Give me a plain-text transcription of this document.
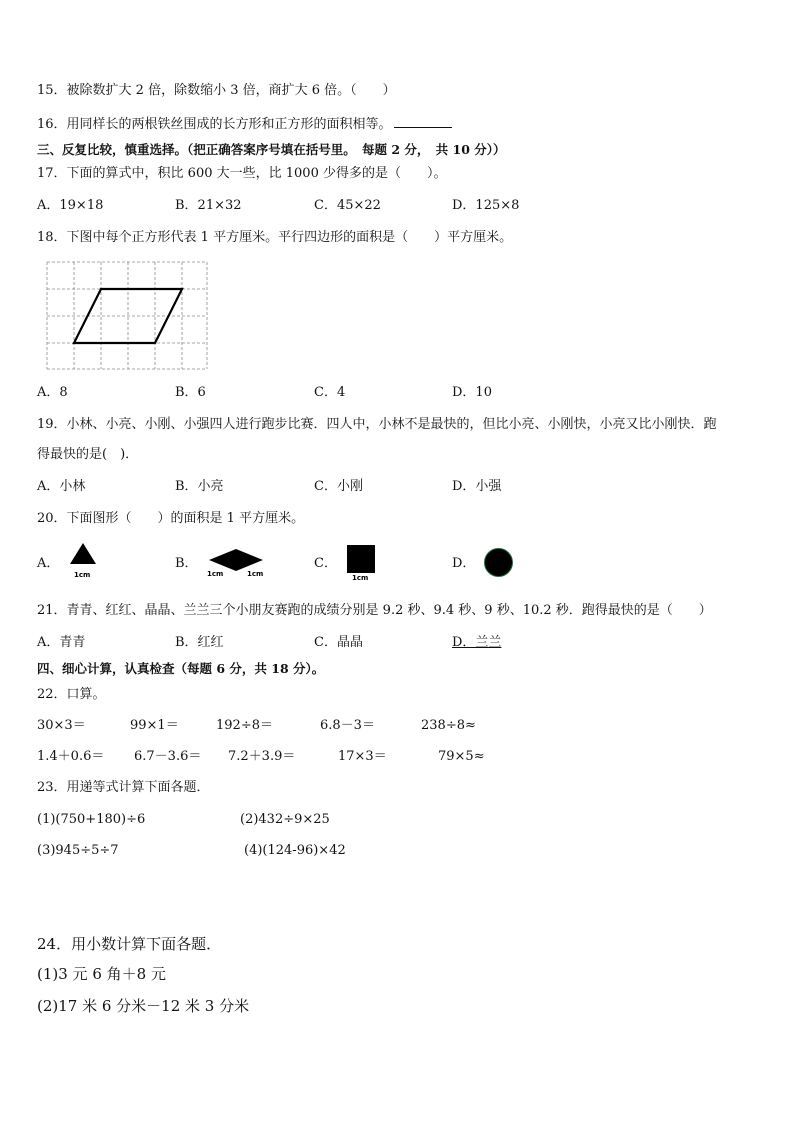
15．被除数扩大 2 倍，除数缩小 3 倍，商扩大 6 倍。（　　）
16．用同样长的两根铁丝围成的长方形和正方形的面积相等。
三、反复比较，慎重选择。（把正确答案序号填在括号里。　每题 2 分，　共 10 分））
17．下面的算式中，积比 600 大一些，比 1000 少得多的是（　　）。
A．19×18	B．21×32	C．45×22	D．125×8
18．下图中每个正方形代表 1 平方厘米。平行四边形的面积是（　　）平方厘米。
A．8	B．6	C．4	D．10
19．小林、小亮、小刚、小强四人进行跑步比赛．四人中，小林不是最快的，但比小亮、小刚快，小亮又比小刚快．跑
得最快的是(　)．
A．小林	B．小亮	C．小刚	D．小强
20．下面图形（　　）的面积是 1 平方厘米。
A．
1cm
B．
1cm	1cm
C．
1cm
D．
21．青青、红红、晶晶、兰兰三个小朋友赛跑的成绩分别是 9.2 秒、9.4 秒、9 秒、10.2 秒．跑得最快的是（　　）
A．青青	B．红红	C．晶晶	D．兰兰
四、细心计算，认真检查（每题 6 分，共 18 分）。
22．口算。
30×3＝	99×1＝	192÷8＝	6.8－3＝	238÷8≈
1.4＋0.6＝ 6.7－3.6＝ 7.2＋3.9＝	17×3＝	79×5≈
23．用递等式计算下面各题．
(1)(750+180)÷6	(2)432÷9×25
(3)945÷5÷7	(4)(124-96)×42
24．用小数计算下面各题．
(1)3 元 6 角＋8 元
(2)17 米 6 分米－12 米 3 分米
